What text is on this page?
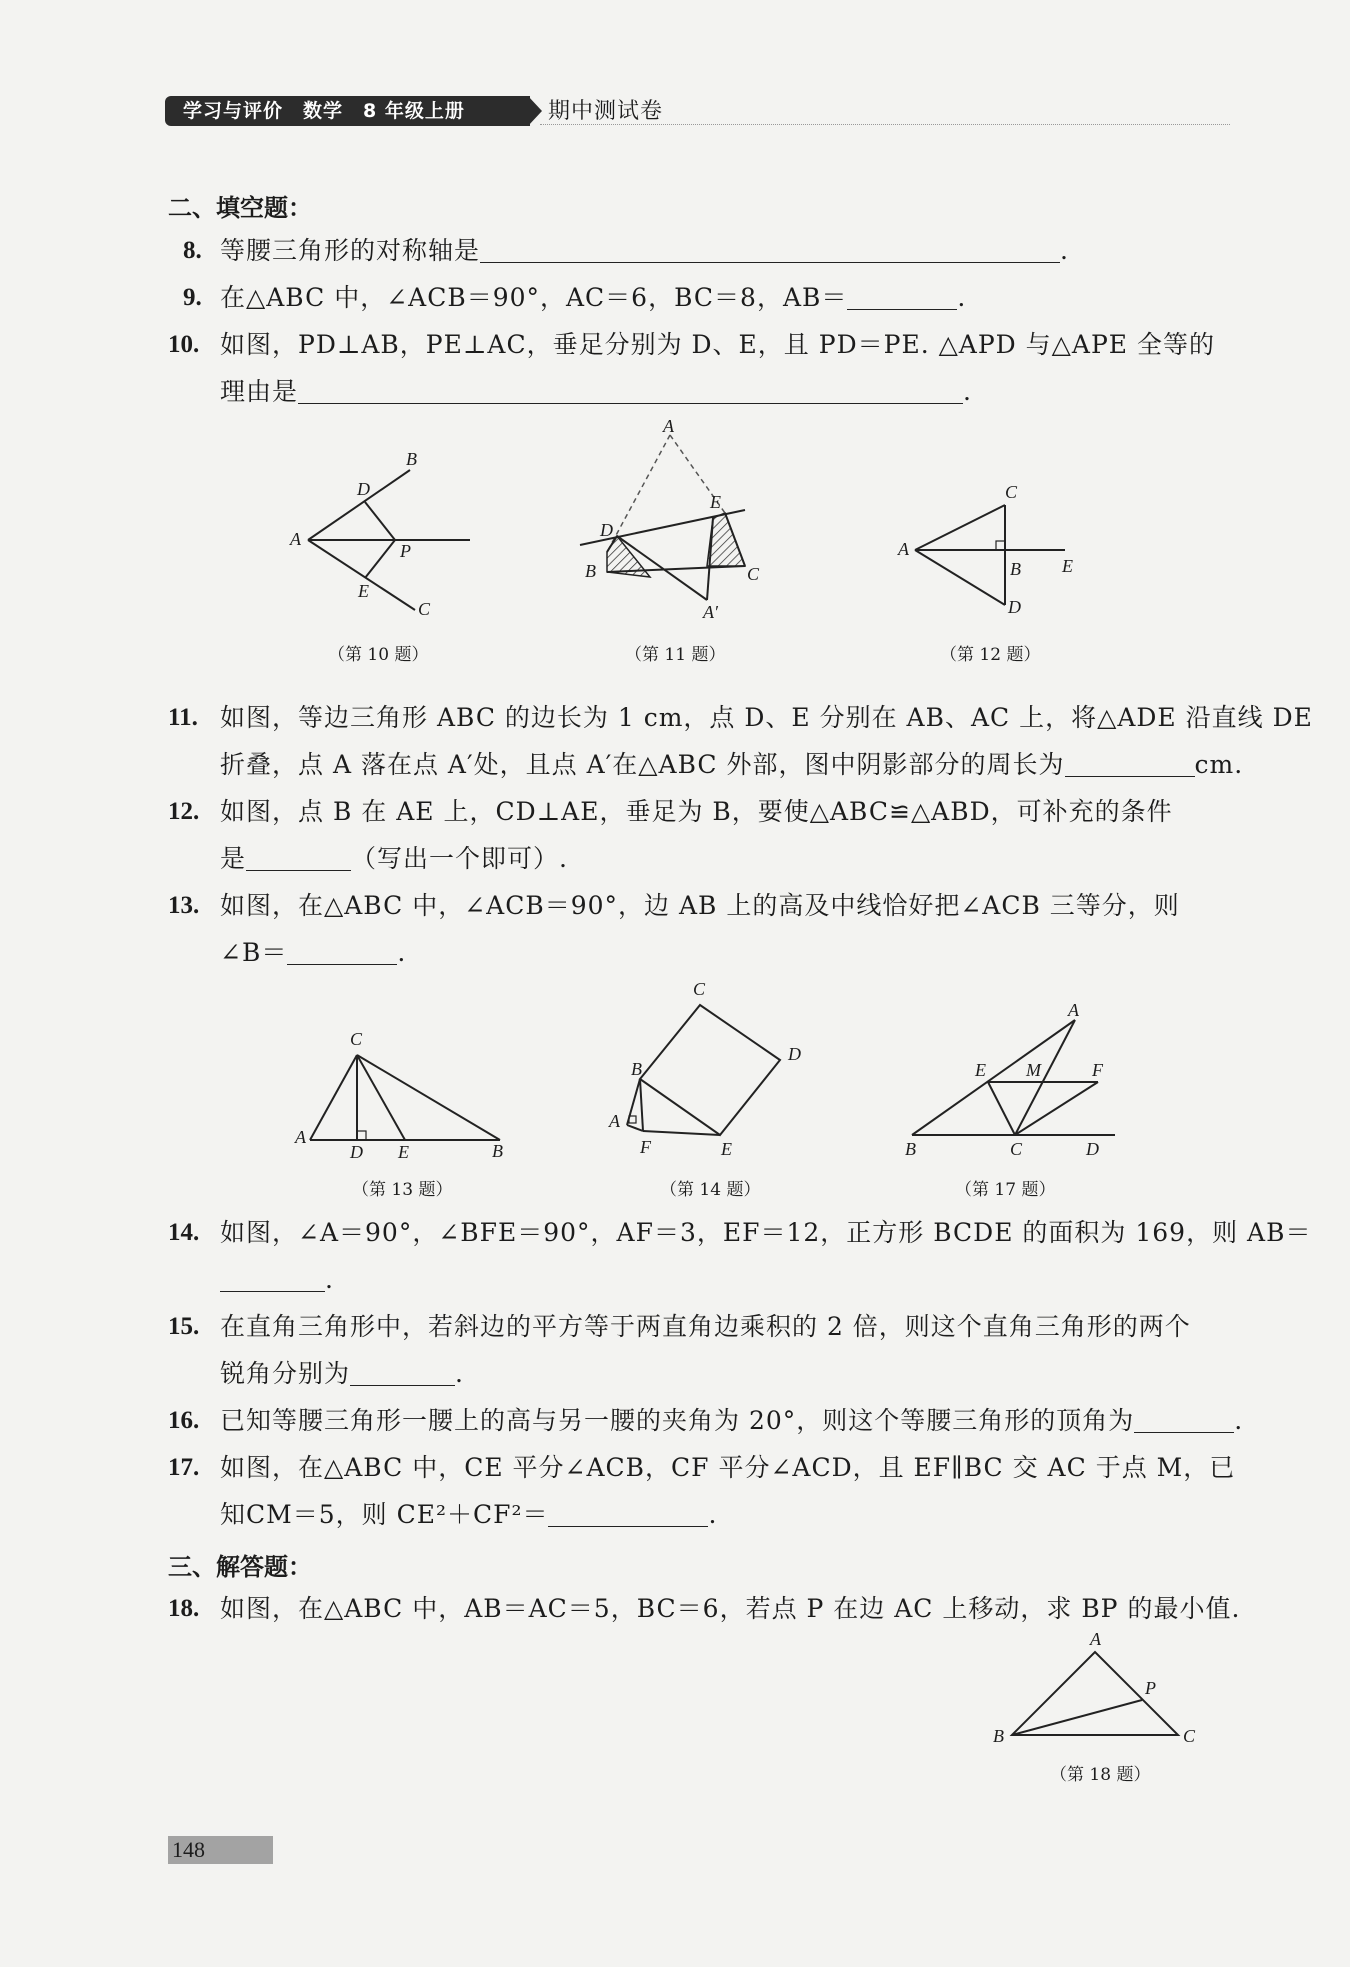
学习与评价　数学　8 年级上册	期中测试卷
二、填空题：
8. 等腰三角形的对称轴是	.
9. 在△ABC 中，∠ACB＝90°，AC＝6，BC＝8，AB＝	.
10. 如图，PD⊥AB，PE⊥AC，垂足分别为 D、E，且 PD＝PE. △APD 与△APE 全等的
理由是	.
A
B
C
D
E
P
（第 10 题）
A
B	C
D
E
A′
（第 11 题）
A
B
C
D
E
（第 12 题）
11. 如图，等边三角形 ABC 的边长为 1 cm，点 D、E 分别在 AB、AC 上，将△ADE 沿直线 DE
折叠，点 A 落在点 A′处，且点 A′在△ABC 外部，图中阴影部分的周长为	cm.
12. 如图，点 B 在 AE 上，CD⊥AE，垂足为 B，要使△ABC≌△ABD，可补充的条件
是	（写出一个即可）.
13. 如图，在△ABC 中，∠ACB＝90°，边 AB 上的高及中线恰好把∠ACB 三等分，则
∠B＝	.
A
B
C
D E
（第 13 题）
A
B
C
D
E
F
（第 14 题）
A
B	C	D
E	F
M
（第 17 题）
14. 如图，∠A＝90°，∠BFE＝90°，AF＝3，EF＝12，正方形 BCDE 的面积为 169，则 AB＝
.
15. 在直角三角形中，若斜边的平方等于两直角边乘积的 2 倍，则这个直角三角形的两个
锐角分别为	.
16. 已知等腰三角形一腰上的高与另一腰的夹角为 20°，则这个等腰三角形的顶角为	.
17. 如图，在△ABC 中，CE 平分∠ACB，CF 平分∠ACD，且 EF∥BC 交 AC 于点 M，已
知CM＝5，则 CE²＋CF²＝	.
三、解答题：
18. 如图，在△ABC 中，AB＝AC＝5，BC＝6，若点 P 在边 AC 上移动，求 BP 的最小值.
A
B	C
P
（第 18 题）
148
